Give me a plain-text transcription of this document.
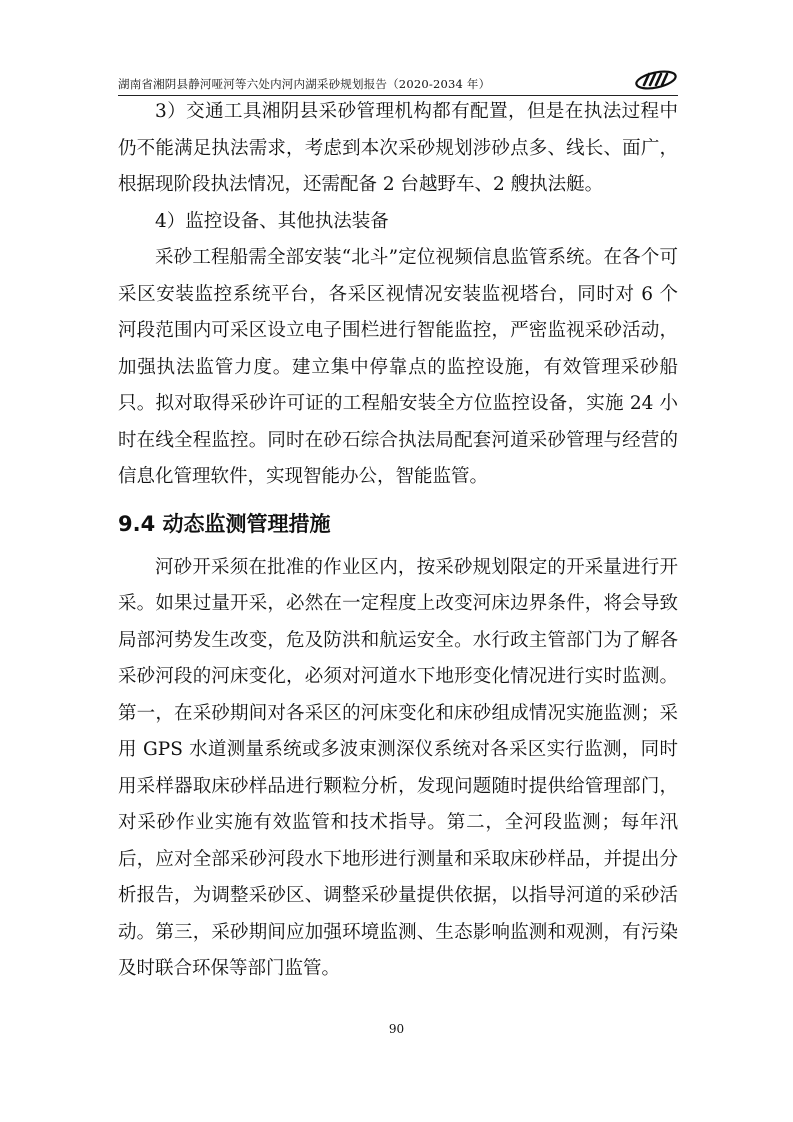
湖南省湘阴县静河哑河等六处内河内湖采砂规划报告（2020-2034 年）

3）交通工具湘阴县采砂管理机构都有配置，但是在执法过程中仍不能满足执法需求，考虑到本次采砂规划涉砂点多、线长、面广，根据现阶段执法情况，还需配备 2 台越野车、2 艘执法艇。

4）监控设备、其他执法装备

采砂工程船需全部安装“北斗”定位视频信息监管系统。在各个可采区安装监控系统平台，各采区视情况安装监视塔台，同时对 6 个河段范围内可采区设立电子围栏进行智能监控，严密监视采砂活动，加强执法监管力度。建立集中停靠点的监控设施，有效管理采砂船只。拟对取得采砂许可证的工程船安装全方位监控设备，实施 24 小时在线全程监控。同时在砂石综合执法局配套河道采砂管理与经营的信息化管理软件，实现智能办公，智能监管。

9.4 动态监测管理措施

河砂开采须在批准的作业区内，按采砂规划限定的开采量进行开采。如果过量开采，必然在一定程度上改变河床边界条件，将会导致局部河势发生改变，危及防洪和航运安全。水行政主管部门为了解各采砂河段的河床变化，必须对河道水下地形变化情况进行实时监测。第一，在采砂期间对各采区的河床变化和床砂组成情况实施监测；采用 GPS 水道测量系统或多波束测深仪系统对各采区实行监测，同时用采样器取床砂样品进行颗粒分析，发现问题随时提供给管理部门，对采砂作业实施有效监管和技术指导。第二，全河段监测；每年汛后，应对全部采砂河段水下地形进行测量和采取床砂样品，并提出分析报告，为调整采砂区、调整采砂量提供依据，以指导河道的采砂活动。第三，采砂期间应加强环境监测、生态影响监测和观测，有污染及时联合环保等部门监管。

90
